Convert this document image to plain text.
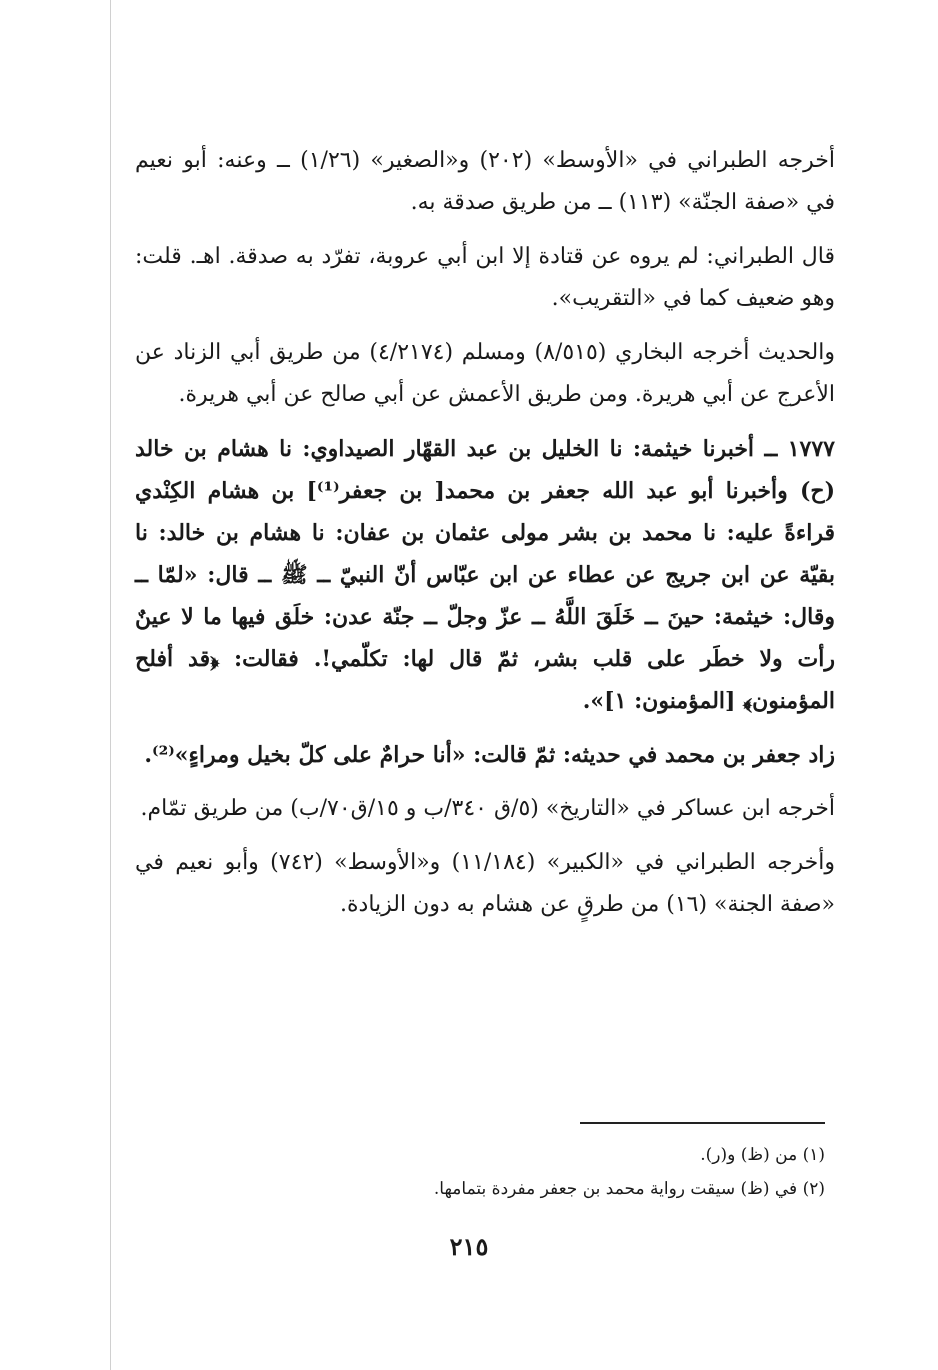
أخرجه الطبراني في «الأوسط» (٢٠٢) و«الصغير» (١/٢٦) ــ وعنه: أبو نعيم في «صفة الجنّة» (١١٣) ــ من طريق صدقة به.

قال الطبراني: لم يروه عن قتادة إلا ابن أبي عروبة، تفرّد به صدقة. اهـ. قلت: وهو ضعيف كما في «التقريب».

والحديث أخرجه البخاري (٨/٥١٥) ومسلم (٤/٢١٧٤) من طريق أبي الزناد عن الأعرج عن أبي هريرة. ومن طريق الأعمش عن أبي صالح عن أبي هريرة.

١٧٧٧ ــ أخبرنا خيثمة: نا الخليل بن عبد القهّار الصيداوي: نا هشام بن خالد (ح) وأخبرنا أبو عبد الله جعفر بن محمد[ بن جعفر⁽¹⁾] بن هشام الكِنْدي قراءةً عليه: نا محمد بن بشر مولى عثمان بن عفان: نا هشام بن خالد: نا بقيّة عن ابن جريج عن عطاء عن ابن عبّاس أنّ النبيّ ــ ﷺ ــ قال: «لمّا ــ وقال: خيثمة: حينَ ــ خَلَقَ اللَّهُ ــ عزّ وجلّ ــ جنّة عدن: خلَق فيها ما لا عينٌ رأت ولا خطَر على قلب بشر، ثمّ قال لها: تكلّمي!. فقالت: ﴿قد أفلح المؤمنون﴾ [المؤمنون: ١]».

زاد جعفر بن محمد في حديثه: ثمّ قالت: «أنا حرامٌ على كلّ بخيل ومراءٍ»⁽²⁾.

أخرجه ابن عساكر في «التاريخ» (٥/ق ٣٤٠/ب و ١٥/ق٧٠/ب) من طريق تمّام.

وأخرجه الطبراني في «الكبير» (١١/١٨٤) و«الأوسط» (٧٤٢) وأبو نعيم في «صفة الجنة» (١٦) من طرقٍ عن هشام به دون الزيادة.

(١) من (ظ) و(ر).

(٢) في (ظ) سيقت رواية محمد بن جعفر مفردة بتمامها.

٢١٥
